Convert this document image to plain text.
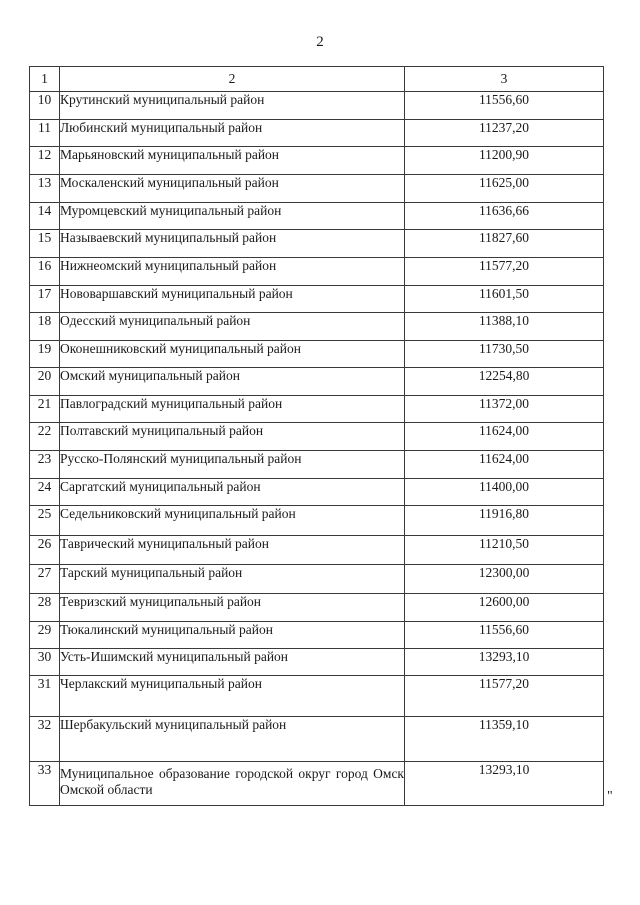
2
1	2	3
10	Крутинский муниципальный район	11556,60
11	Любинский муниципальный район	11237,20
12	Марьяновский муниципальный район	11200,90
13	Москаленский муниципальный район	11625,00
14	Муромцевский муниципальный район	11636,66
15	Называевский муниципальный район	11827,60
16	Нижнеомский муниципальный район	11577,20
17	Нововаршавский муниципальный район	11601,50
18	Одесский муниципальный район	11388,10
19	Оконешниковский муниципальный район	11730,50
20	Омский муниципальный район	12254,80
21	Павлоградский муниципальный район	11372,00
22	Полтавский муниципальный район	11624,00
23	Русско-Полянский муниципальный район	11624,00
24	Саргатский муниципальный район	11400,00
25	Седельниковский муниципальный район	11916,80
26	Таврический муниципальный район	11210,50
27	Тарский муниципальный район	12300,00
28	Тевризский муниципальный район	12600,00
29	Тюкалинский муниципальный район	11556,60
30	Усть-Ишимский муниципальный район	13293,10
31	Черлакский муниципальный район	11577,20
32	Шербакульский муниципальный район	11359,10
33	Муниципальное образование городской округ город Омск Омской области	13293,10
"
